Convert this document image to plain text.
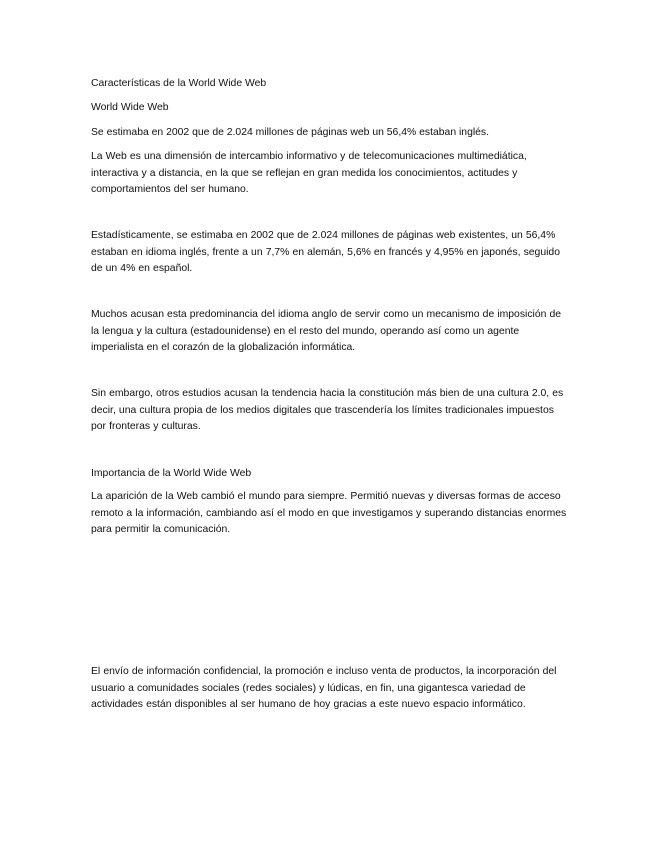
Características de la World Wide Web
World Wide Web
Se estimaba en 2002 que de 2.024 millones de páginas web un 56,4% estaban inglés.
La Web es una dimensión de intercambio informativo y de telecomunicaciones multimediática, interactiva y a distancia, en la que se reflejan en gran medida los conocimientos, actitudes y comportamientos del ser humano.
Estadísticamente, se estimaba en 2002 que de 2.024 millones de páginas web existentes, un 56,4% estaban en idioma inglés, frente a un 7,7% en alemán, 5,6% en francés y 4,95% en japonés, seguido de un 4% en español.
Muchos acusan esta predominancia del idioma anglo de servir como un mecanismo de imposición de la lengua y la cultura (estadounidense) en el resto del mundo, operando así como un agente imperialista en el corazón de la globalización informática.
Sin embargo, otros estudios acusan la tendencia hacia la constitución más bien de una cultura 2.0, es decir, una cultura propia de los medios digitales que trascendería los límites tradicionales impuestos por fronteras y culturas.
Importancia de la World Wide Web
La aparición de la Web cambió el mundo para siempre. Permitió nuevas y diversas formas de acceso remoto a la información, cambiando así el modo en que investigamos y superando distancias enormes para permitir la comunicación.
El envío de información confidencial, la promoción e incluso venta de productos, la incorporación del usuario a comunidades sociales (redes sociales) y lúdicas, en fin, una gigantesca variedad de actividades están disponibles al ser humano de hoy gracias a este nuevo espacio informático.
